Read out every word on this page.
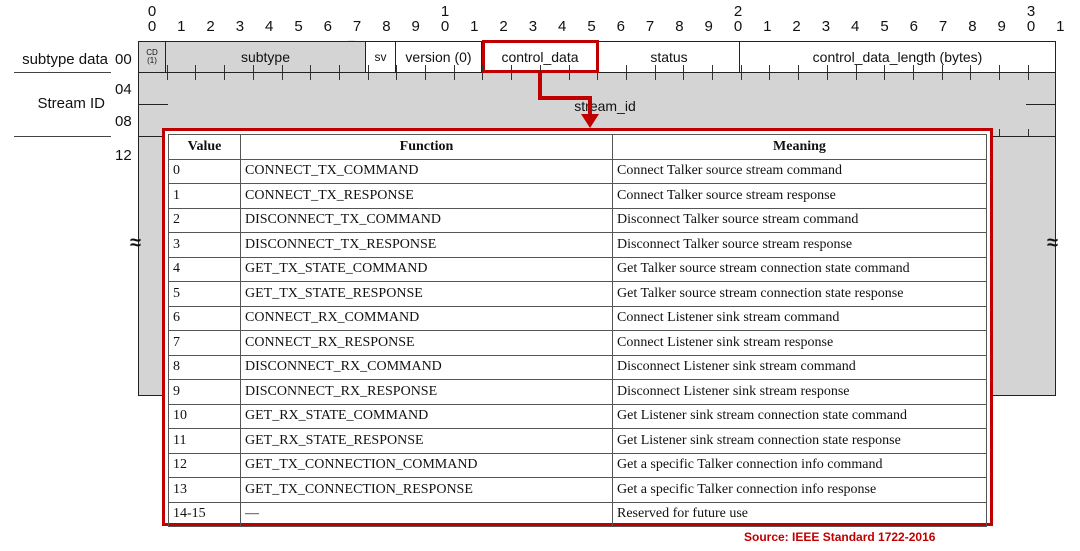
0 1 2 3 4 5 6 7 8 9 0 1 2 3 4 5 6 7 8 9 0 1 2 3 4 5 6 7 8 9 0 1
0	1	2	3
subtype data
Stream ID
00
04
08
12
CD
(1)	subtype	sv version (0) control_data	status	control_data_length (bytes)
stream_id
≈	≈
Value	Function	Meaning
0	CONNECT_TX_COMMAND	Connect Talker source stream command
1	CONNECT_TX_RESPONSE	Connect Talker source stream response
2	DISCONNECT_TX_COMMAND	Disconnect Talker source stream command
3	DISCONNECT_TX_RESPONSE	Disconnect Talker source stream response
4	GET_TX_STATE_COMMAND	Get Talker source stream connection state command
5	GET_TX_STATE_RESPONSE	Get Talker source stream connection state response
6	CONNECT_RX_COMMAND	Connect Listener sink stream command
7	CONNECT_RX_RESPONSE	Connect Listener sink stream response
8	DISCONNECT_RX_COMMAND	Disconnect Listener sink stream command
9	DISCONNECT_RX_RESPONSE	Disconnect Listener sink stream response
10	GET_RX_STATE_COMMAND	Get Listener sink stream connection state command
11	GET_RX_STATE_RESPONSE	Get Listener sink stream connection state response
12	GET_TX_CONNECTION_COMMAND	Get a specific Talker connection info command
13	GET_TX_CONNECTION_RESPONSE	Get a specific Talker connection info response
14-15	—	Reserved for future use
Source: IEEE Standard 1722-2016
